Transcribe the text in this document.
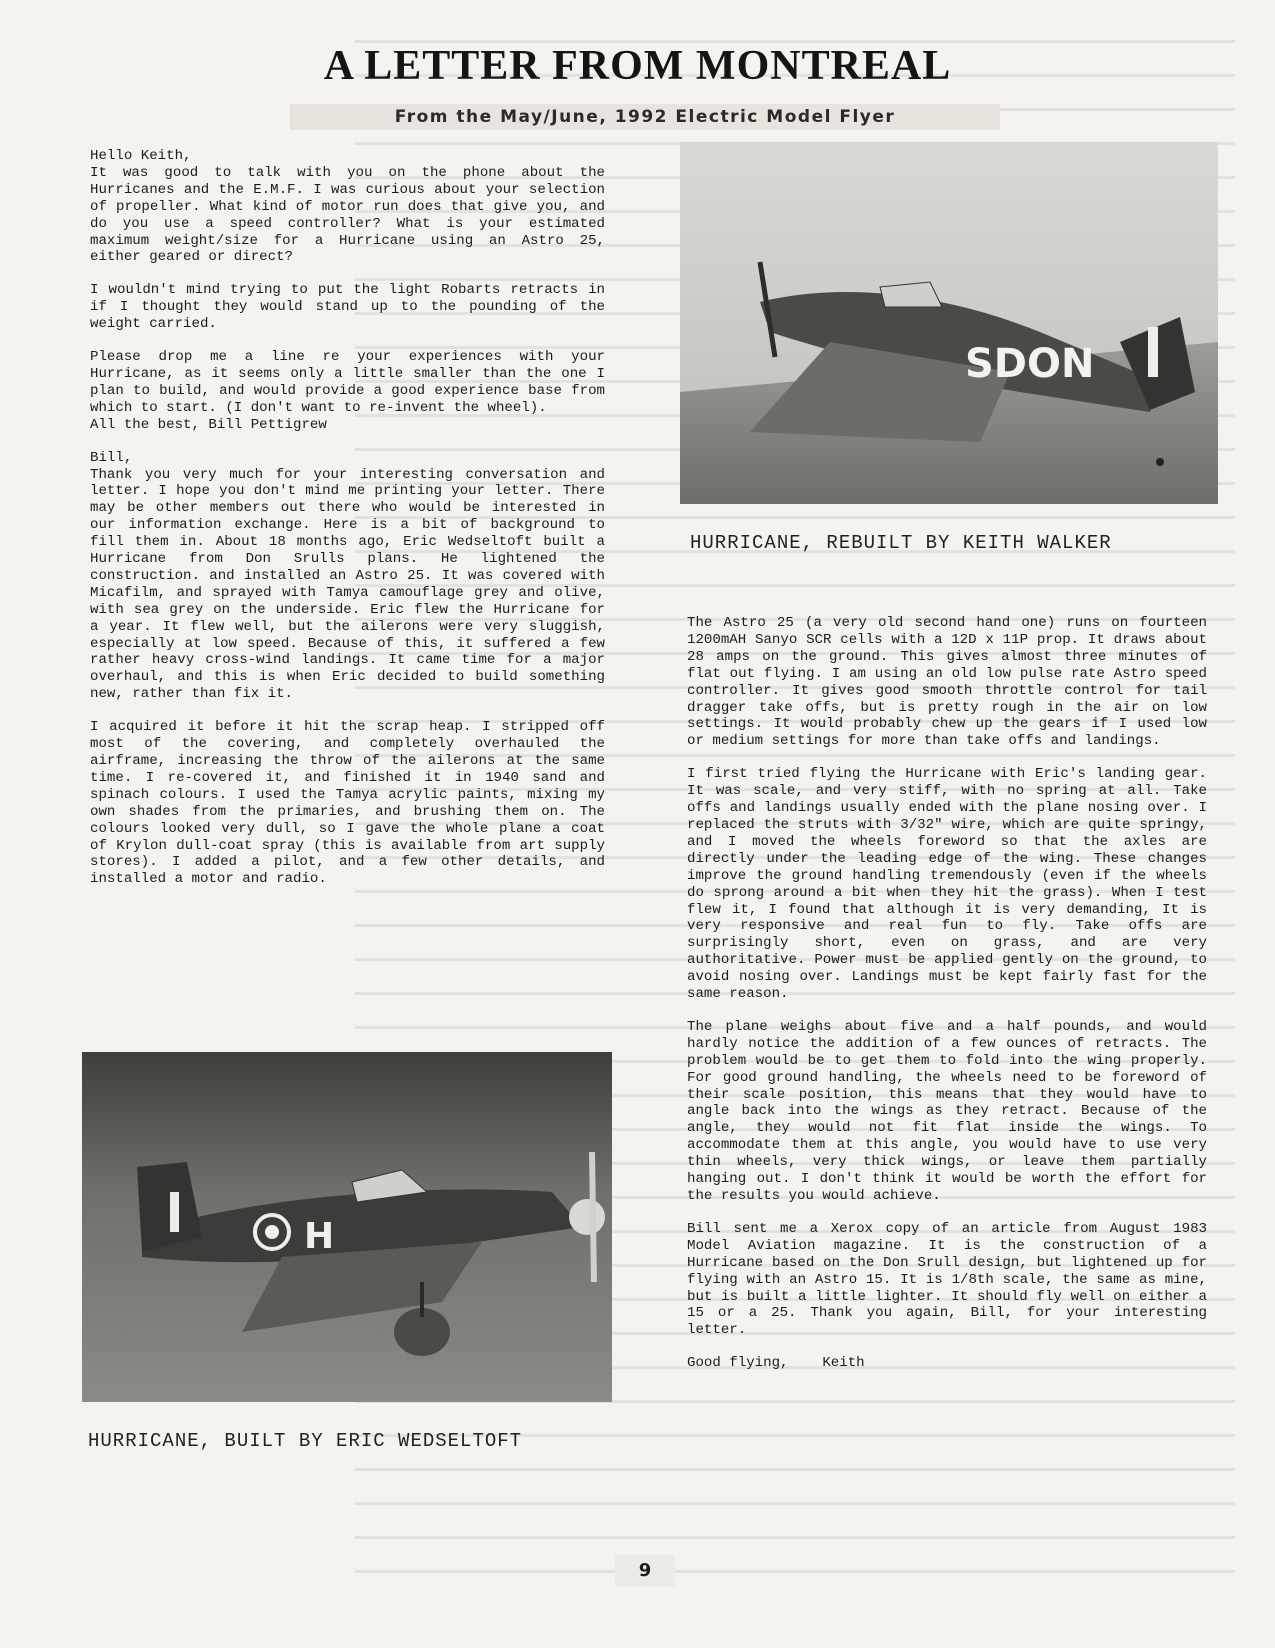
A LETTER FROM MONTREAL
From the May/June, 1992 Electric Model Flyer

Hello Keith,
It was good to talk with you on the phone about the Hurricanes and the E.M.F. I was curious about your selection of propeller. What kind of motor run does that give you, and do you use a speed controller? What is your estimated maximum weight/size for a Hurricane using an Astro 25, either geared or direct?

I wouldn't mind trying to put the light Robarts retracts in if I thought they would stand up to the pounding of the weight carried.

Please drop me a line re your experiences with your Hurricane, as it seems only a little smaller than the one I plan to build, and would provide a good experience base from which to start. (I don't want to re-invent the wheel).
All the best, Bill Pettigrew

Bill,
Thank you very much for your interesting conversation and letter. I hope you don't mind me printing your letter. There may be other members out there who would be interested in our information exchange. Here is a bit of background to fill them in. About 18 months ago, Eric Wedseltoft built a Hurricane from Don Srulls plans. He lightened the construction. and installed an Astro 25. It was covered with Micafilm, and sprayed with Tamya camouflage grey and olive, with sea grey on the underside. Eric flew the Hurricane for a year. It flew well, but the ailerons were very sluggish, especially at low speed. Because of this, it suffered a few rather heavy cross-wind landings. It came time for a major overhaul, and this is when Eric decided to build something new, rather than fix it.

I acquired it before it hit the scrap heap. I stripped off most of the covering, and completely overhauled the airframe, increasing the throw of the ailerons at the same time. I re-covered it, and finished it in 1940 sand and spinach colours. I used the Tamya acrylic paints, mixing my own shades from the primaries, and brushing them on. The colours looked very dull, so I gave the whole plane a coat of Krylon dull-coat spray (this is available from art supply stores). I added a pilot, and a few other details, and installed a motor and radio.

SDON
HURRICANE, REBUILT BY KEITH WALKER

The Astro 25 (a very old second hand one) runs on fourteen 1200mAH Sanyo SCR cells with a 12D x 11P prop. It draws about 28 amps on the ground. This gives almost three minutes of flat out flying. I am using an old low pulse rate Astro speed controller. It gives good smooth throttle control for tail dragger take offs, but is pretty rough in the air on low settings. It would probably chew up the gears if I used low or medium settings for more than take offs and landings.

I first tried flying the Hurricane with Eric's landing gear. It was scale, and very stiff, with no spring at all. Take offs and landings usually ended with the plane nosing over. I replaced the struts with 3/32" wire, which are quite springy, and I moved the wheels foreword so that the axles are directly under the leading edge of the wing. These changes improve the ground handling tremendously (even if the wheels do sprong around a bit when they hit the grass). When I test flew it, I found that although it is very demanding, It is very responsive and real fun to fly. Take offs are surprisingly short, even on grass, and are very authoritative. Power must be applied gently on the ground, to avoid nosing over. Landings must be kept fairly fast for the same reason.

The plane weighs about five and a half pounds, and would hardly notice the addition of a few ounces of retracts. The problem would be to get them to fold into the wing properly. For good ground handling, the wheels need to be foreword of their scale position, this means that they would have to angle back into the wings as they retract. Because of the angle, they would not fit flat inside the wings. To accommodate them at this angle, you would have to use very thin wheels, very thick wings, or leave them partially hanging out. I don't think it would be worth the effort for the results you would achieve.

Bill sent me a Xerox copy of an article from August 1983 Model Aviation magazine. It is the construction of a Hurricane based on the Don Srull design, but lightened up for flying with an Astro 15. It is 1/8th scale, the same as mine, but is built a little lighter. It should fly well on either a 15 or a 25. Thank you again, Bill, for your interesting letter.

Good flying,    Keith

H
HURRICANE, BUILT BY ERIC WEDSELTOFT
9
